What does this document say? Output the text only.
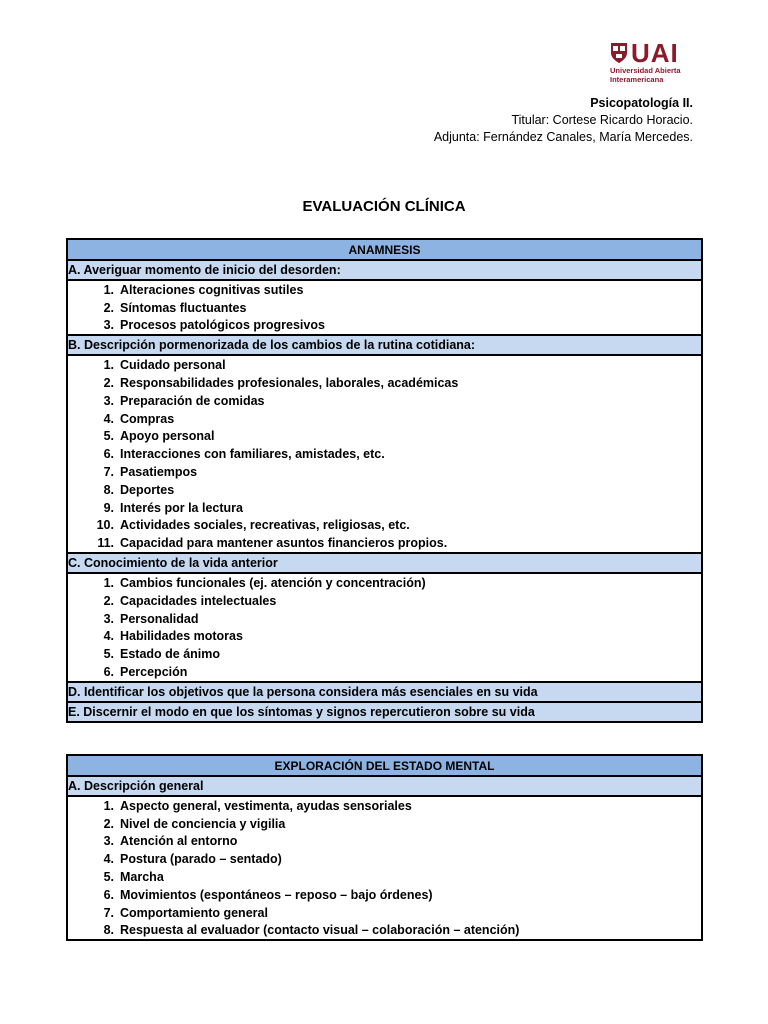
UAI
Universidad Abierta
Interamericana
Psicopatología II.
Titular: Cortese Ricardo Horacio.
Adjunta: Fernández Canales, María Mercedes.
EVALUACIÓN CLÍNICA
ANAMNESIS
A. Averiguar momento de inicio del desorden:

1. Alteraciones cognitivas sutiles
2. Síntomas fluctuantes
3. Procesos patológicos progresivos

B. Descripción pormenorizada de los cambios de la rutina cotidiana:

1. Cuidado personal
2. Responsabilidades profesionales, laborales, académicas
3. Preparación de comidas
4. Compras
5. Apoyo personal
6. Interacciones con familiares, amistades, etc.
7. Pasatiempos
8. Deportes
9. Interés por la lectura
10. Actividades sociales, recreativas, religiosas, etc.
11. Capacidad para mantener asuntos financieros propios.

C. Conocimiento de la vida anterior

1. Cambios funcionales (ej. atención y concentración)
2. Capacidades intelectuales
3. Personalidad
4. Habilidades motoras
5. Estado de ánimo
6. Percepción

D. Identificar los objetivos que la persona considera más esenciales en su vida
E. Discernir el modo en que los síntomas y signos repercutieron sobre su vida
EXPLORACIÓN DEL ESTADO MENTAL
A. Descripción general

1. Aspecto general, vestimenta, ayudas sensoriales
2. Nivel de conciencia y vigilia
3. Atención al entorno
4. Postura (parado – sentado)
5. Marcha
6. Movimientos (espontáneos – reposo – bajo órdenes)
7. Comportamiento general
8. Respuesta al evaluador (contacto visual – colaboración – atención)
